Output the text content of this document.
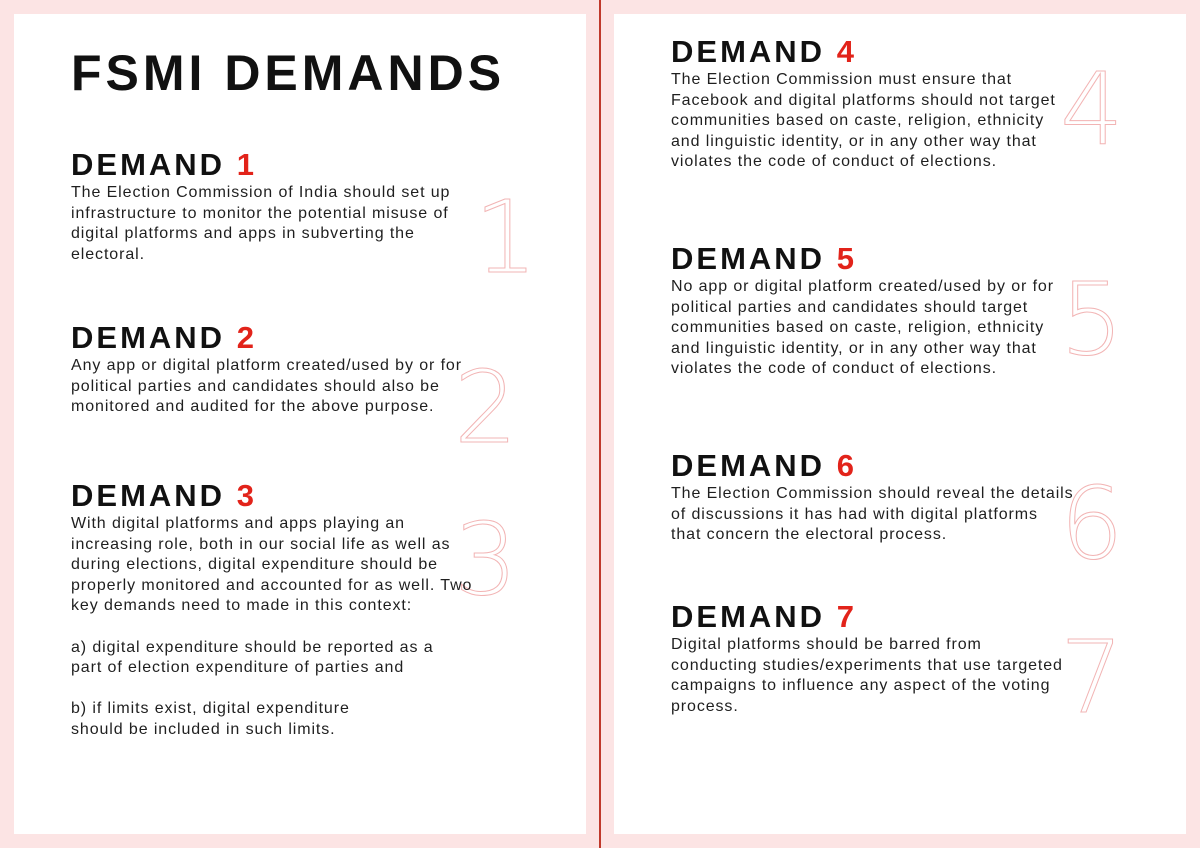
FSMI DEMANDS
1
2
3
DEMAND 1

The Election Commission of India should set up
infrastructure to monitor the potential misuse of
digital platforms and apps in subverting the
electoral.

DEMAND 2

Any app or digital platform created/used by or for
political parties and candidates should also be
monitored and audited for the above purpose.

DEMAND 3

With digital platforms and apps playing an
increasing role, both in our social life as well as
during elections, digital expenditure should be
properly monitored and accounted for as well. Two
key demands need to made in this context:

a) digital expenditure should be reported as a
part of election expenditure of parties and

b) if limits exist, digital expenditure
should be included in such limits.

4
5
6
7
DEMAND 4

The Election Commission must ensure that
Facebook and digital platforms should not target
communities based on caste, religion, ethnicity
and linguistic identity, or in any other way that
violates the code of conduct of elections.

DEMAND 5

No app or digital platform created/used by or for
political parties and candidates should target
communities based on caste, religion, ethnicity
and linguistic identity, or in any other way that
violates the code of conduct of elections.

DEMAND 6

The Election Commission should reveal the details
of discussions it has had with digital platforms
that concern the electoral process.

DEMAND 7

Digital platforms should be barred from
conducting studies/experiments that use targeted
campaigns to influence any aspect of the voting
process.
